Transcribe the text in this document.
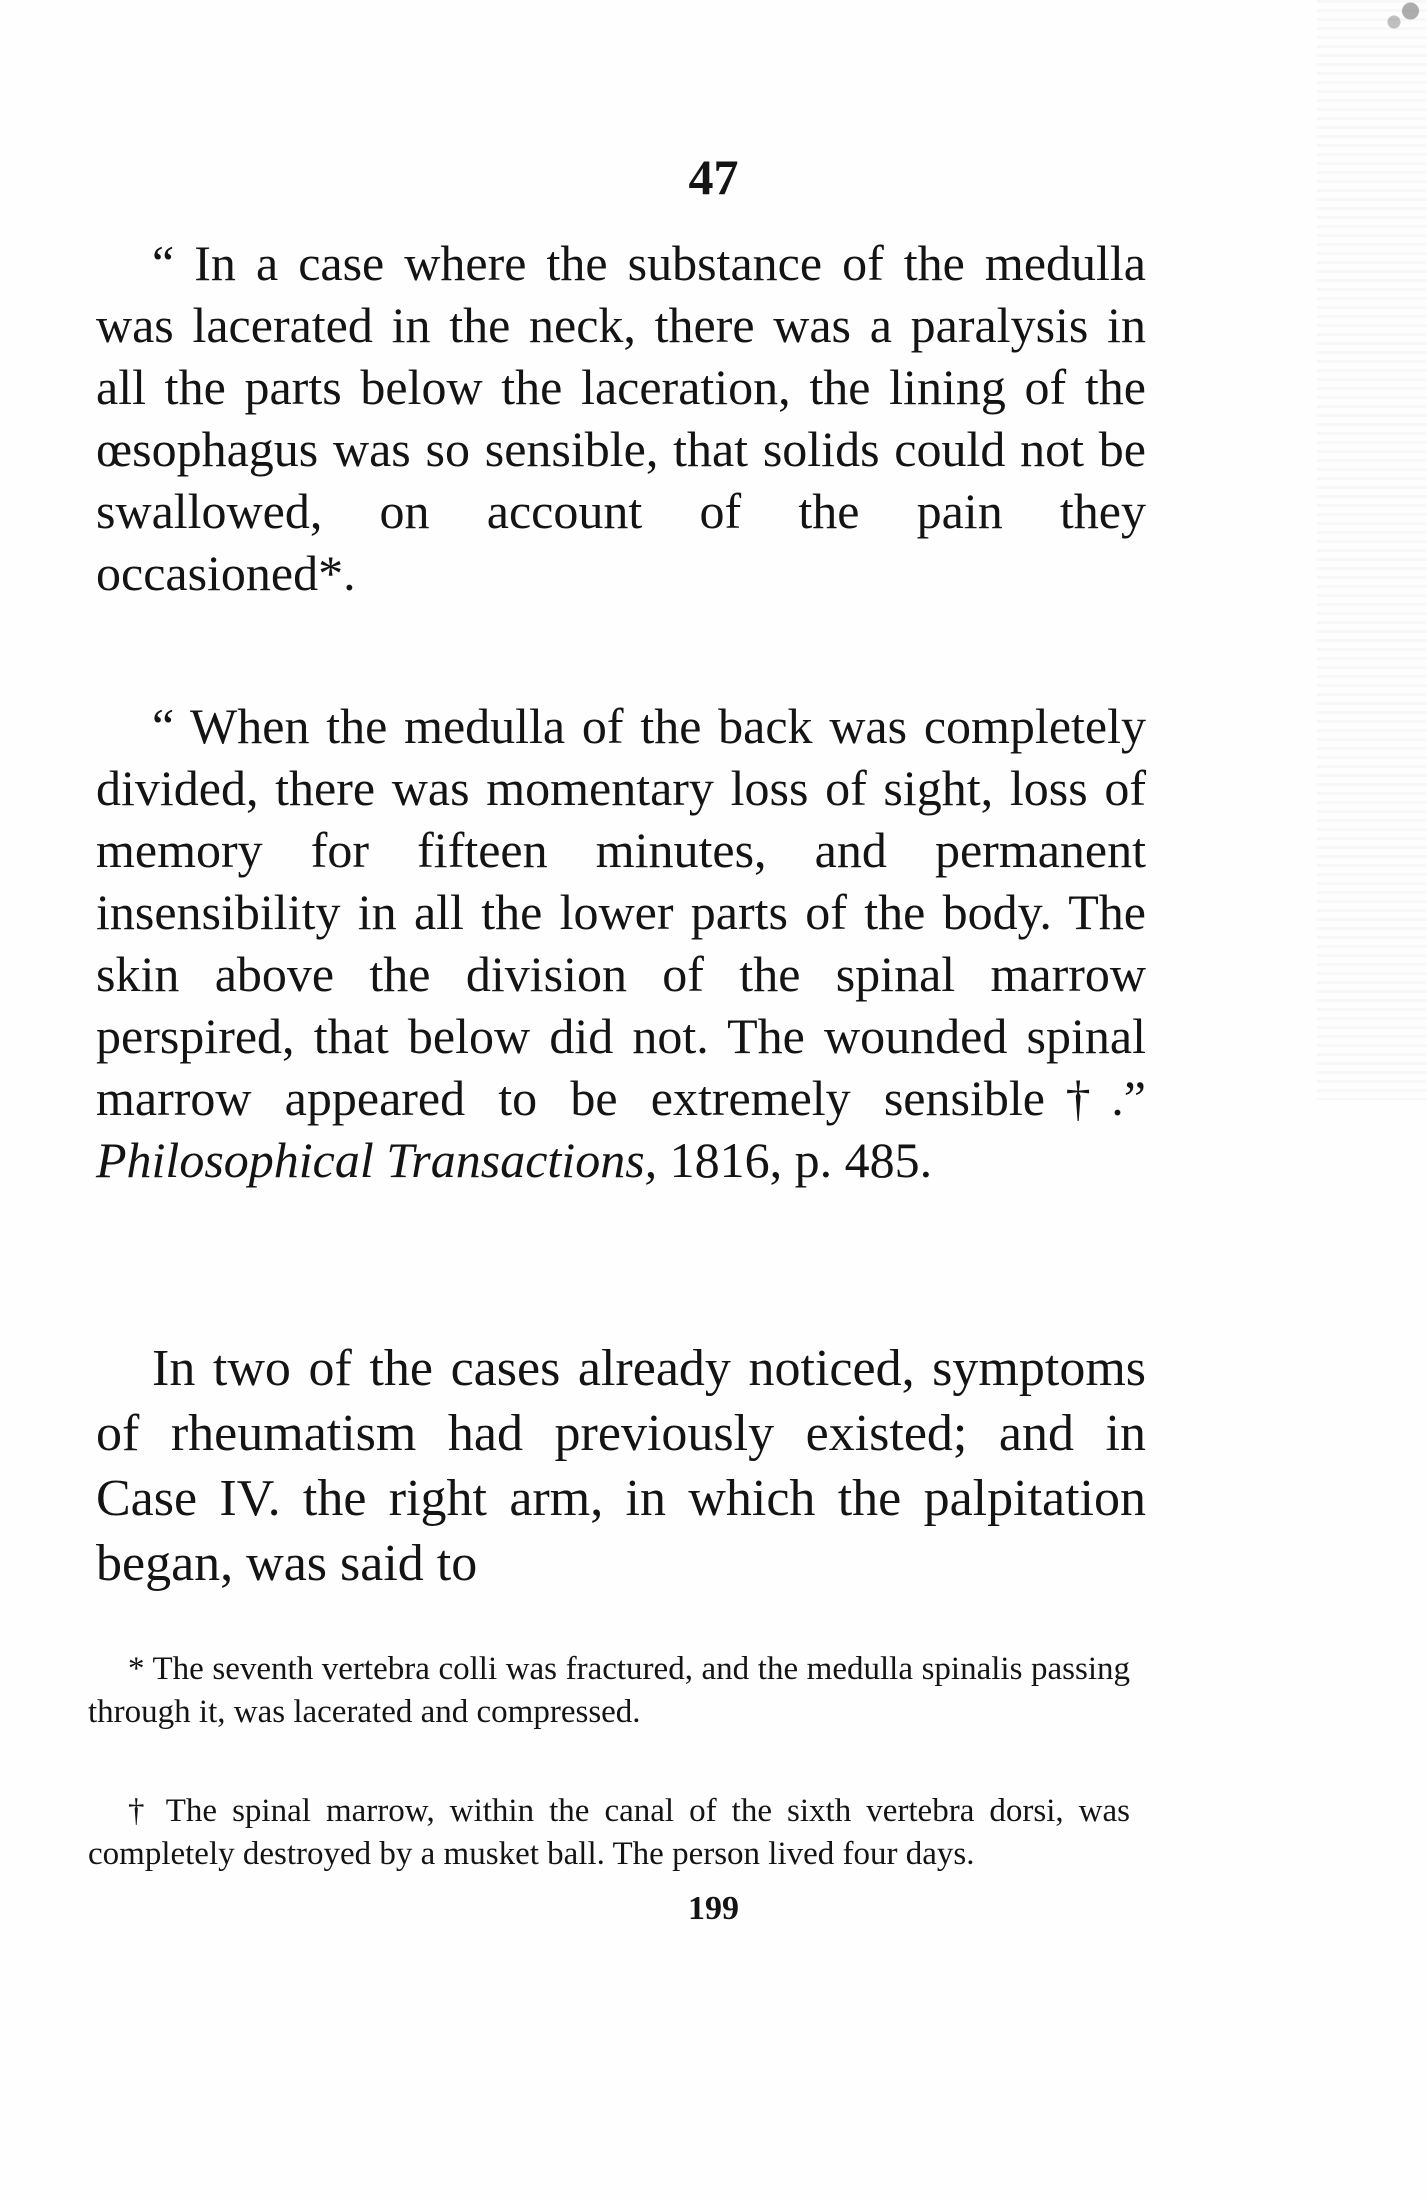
47

“ In a case where the substance of the medulla was lacerated in the neck, there was a paralysis in all the parts below the laceration, the lining of the œsophagus was so sensible, that solids could not be swallowed, on account of the pain they occasioned*.

“ When the medulla of the back was completely divided, there was momentary loss of sight, loss of memory for fifteen minutes, and permanent insensibility in all the lower parts of the body. The skin above the division of the spinal marrow perspired, that below did not. The wounded spinal marrow appeared to be extremely sensible†.” Philosophical Transactions, 1816, p. 485.

In two of the cases already noticed, symptoms of rheumatism had previously existed; and in Case IV. the right arm, in which the palpitation began, was said to

* The seventh vertebra colli was fractured, and the medulla spinalis passing through it, was lacerated and compressed.

† The spinal marrow, within the canal of the sixth vertebra dorsi, was completely destroyed by a musket ball. The person lived four days.

199
